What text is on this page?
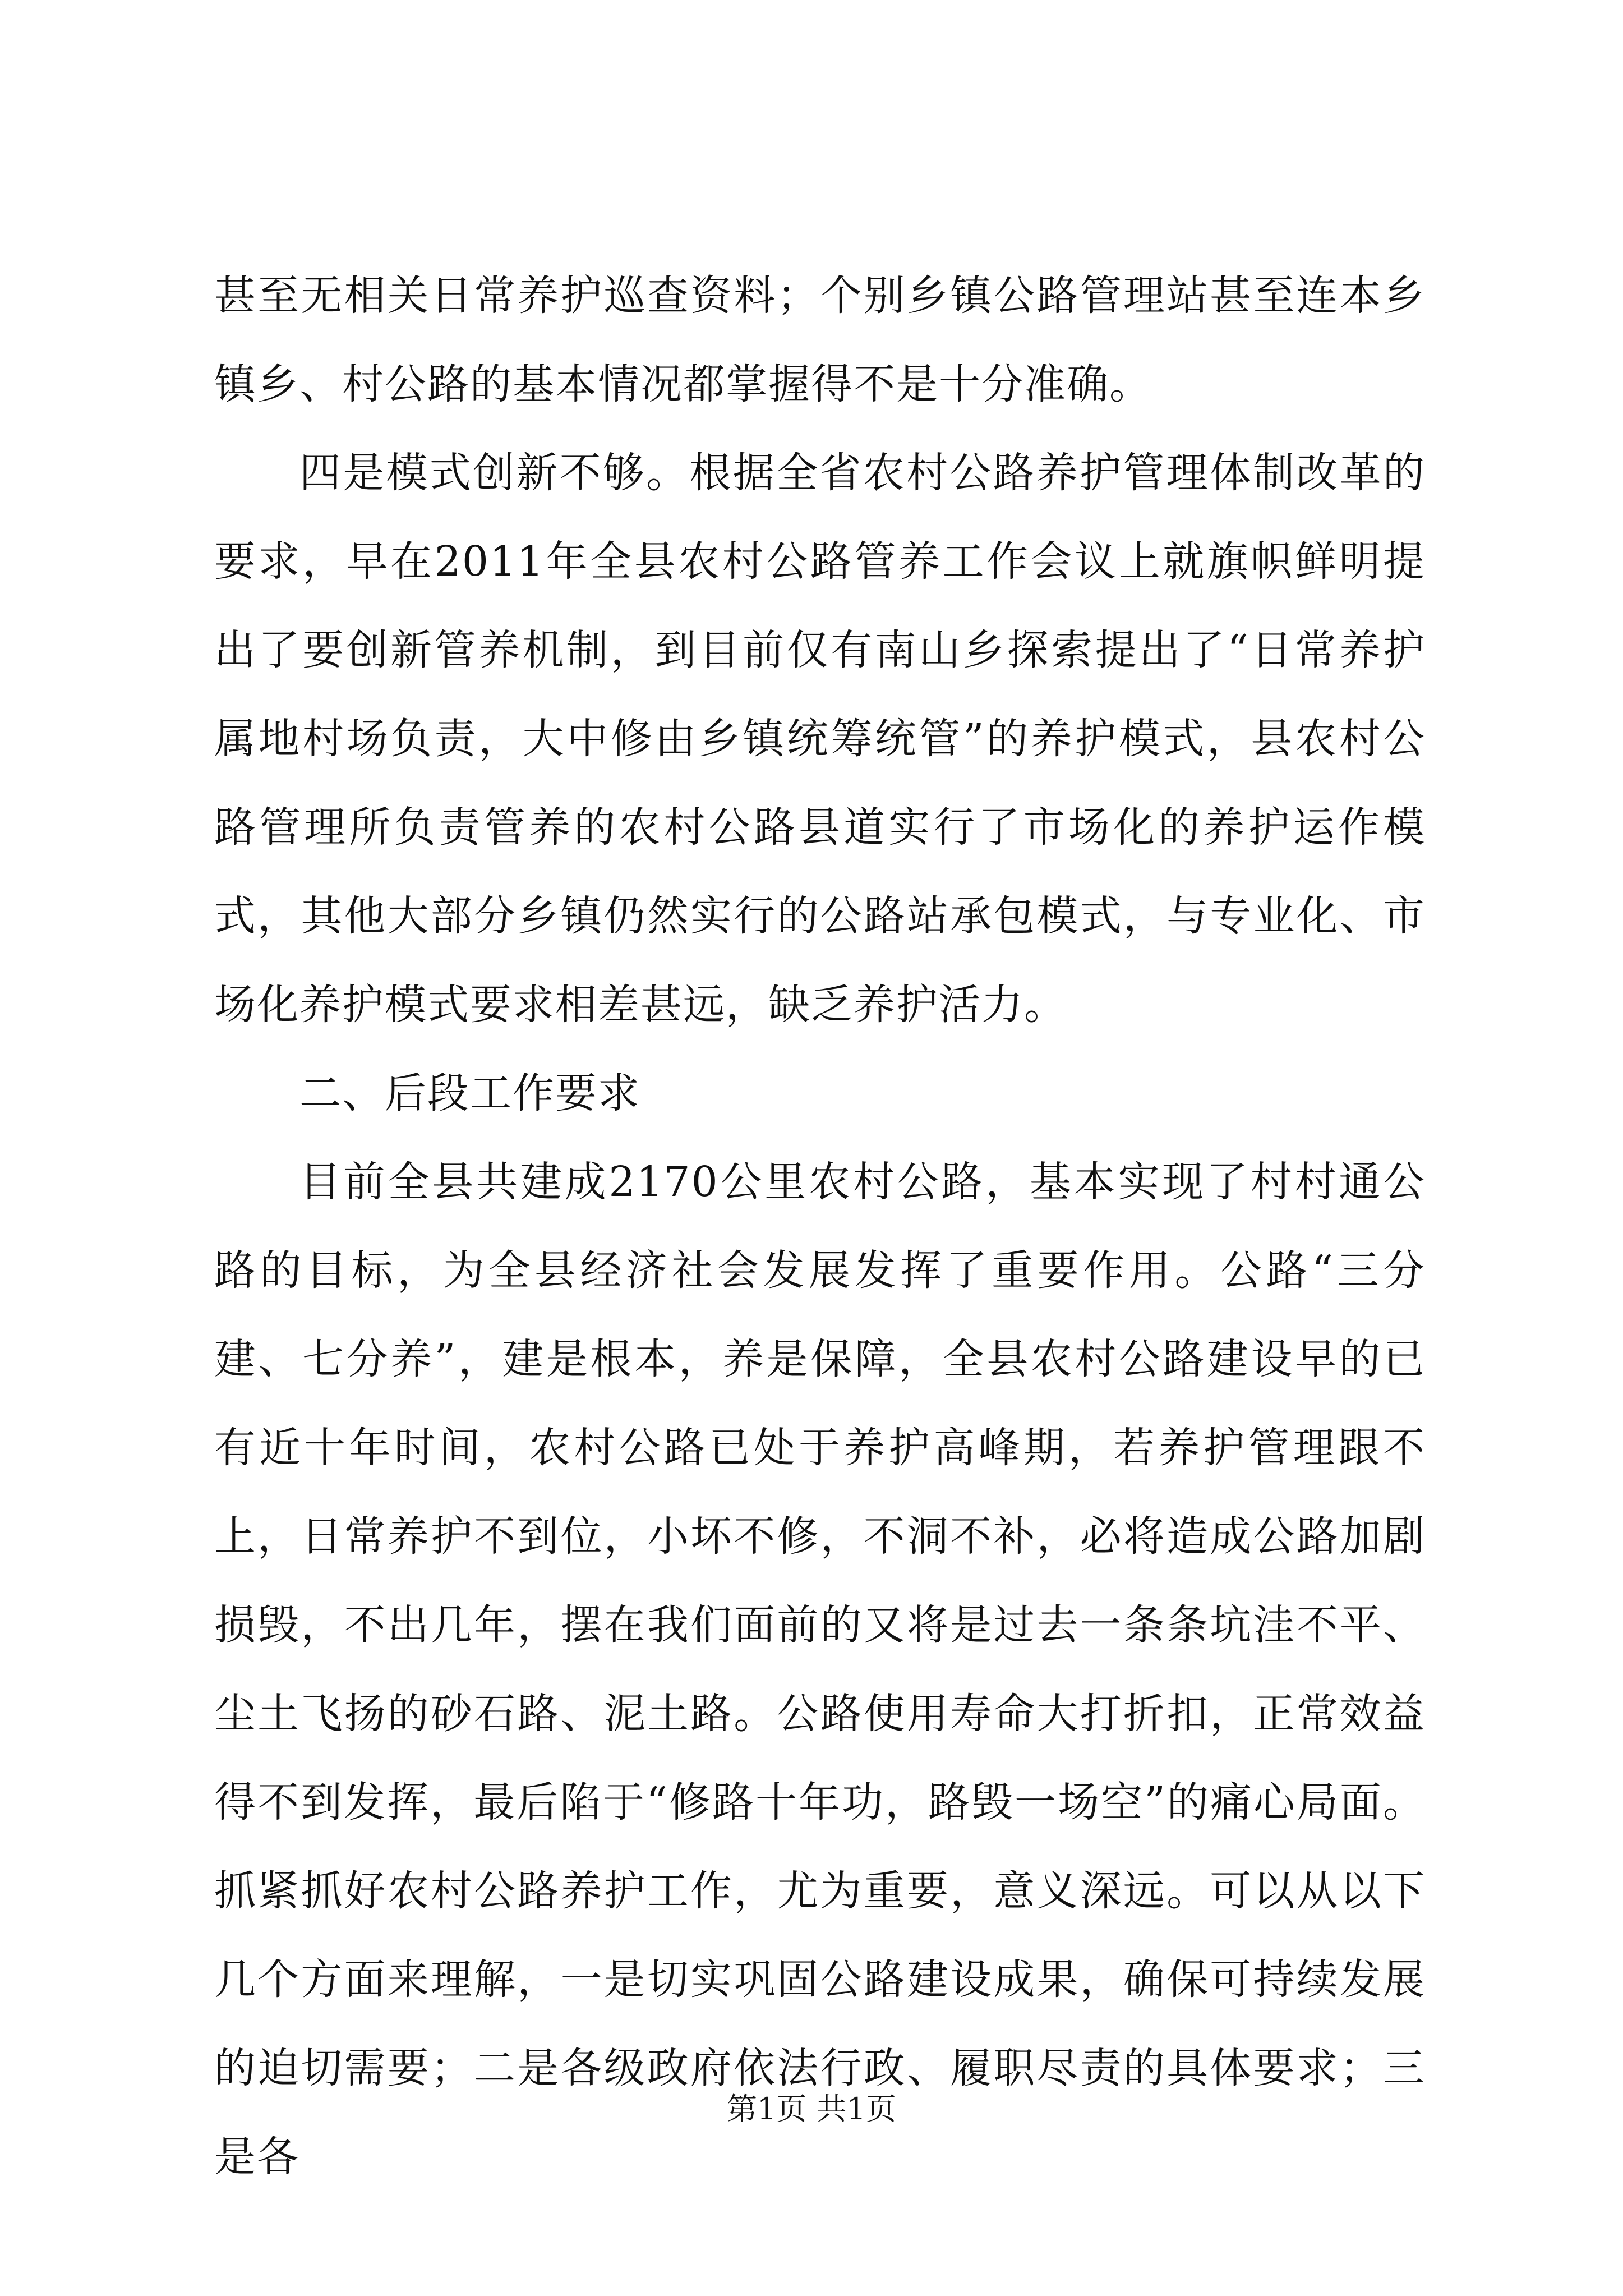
甚至无相关日常养护巡查资料；个别乡镇公路管理站甚至连本乡镇乡、村公路的基本情况都掌握得不是十分准确。

四是模式创新不够。根据全省农村公路养护管理体制改革的要求，早在2011年全县农村公路管养工作会议上就旗帜鲜明提出了要创新管养机制，到目前仅有南山乡探索提出了“日常养护属地村场负责，大中修由乡镇统筹统管”的养护模式，县农村公路管理所负责管养的农村公路县道实行了市场化的养护运作模式，其他大部分乡镇仍然实行的公路站承包模式，与专业化、市场化养护模式要求相差甚远，缺乏养护活力。

二、后段工作要求

目前全县共建成2170公里农村公路，基本实现了村村通公路的目标，为全县经济社会发展发挥了重要作用。公路“三分建、七分养”，建是根本，养是保障，全县农村公路建设早的已有近十年时间，农村公路已处于养护高峰期，若养护管理跟不上，日常养护不到位，小坏不修，不洞不补，必将造成公路加剧损毁，不出几年，摆在我们面前的又将是过去一条条坑洼不平、尘土飞扬的砂石路、泥土路。公路使用寿命大打折扣，正常效益得不到发挥，最后陷于“修路十年功，路毁一场空”的痛心局面。抓紧抓好农村公路养护工作，尤为重要，意义深远。可以从以下几个方面来理解，一是切实巩固公路建设成果，确保可持续发展的迫切需要；二是各级政府依法行政、履职尽责的具体要求；三是各

第1页 共1页
